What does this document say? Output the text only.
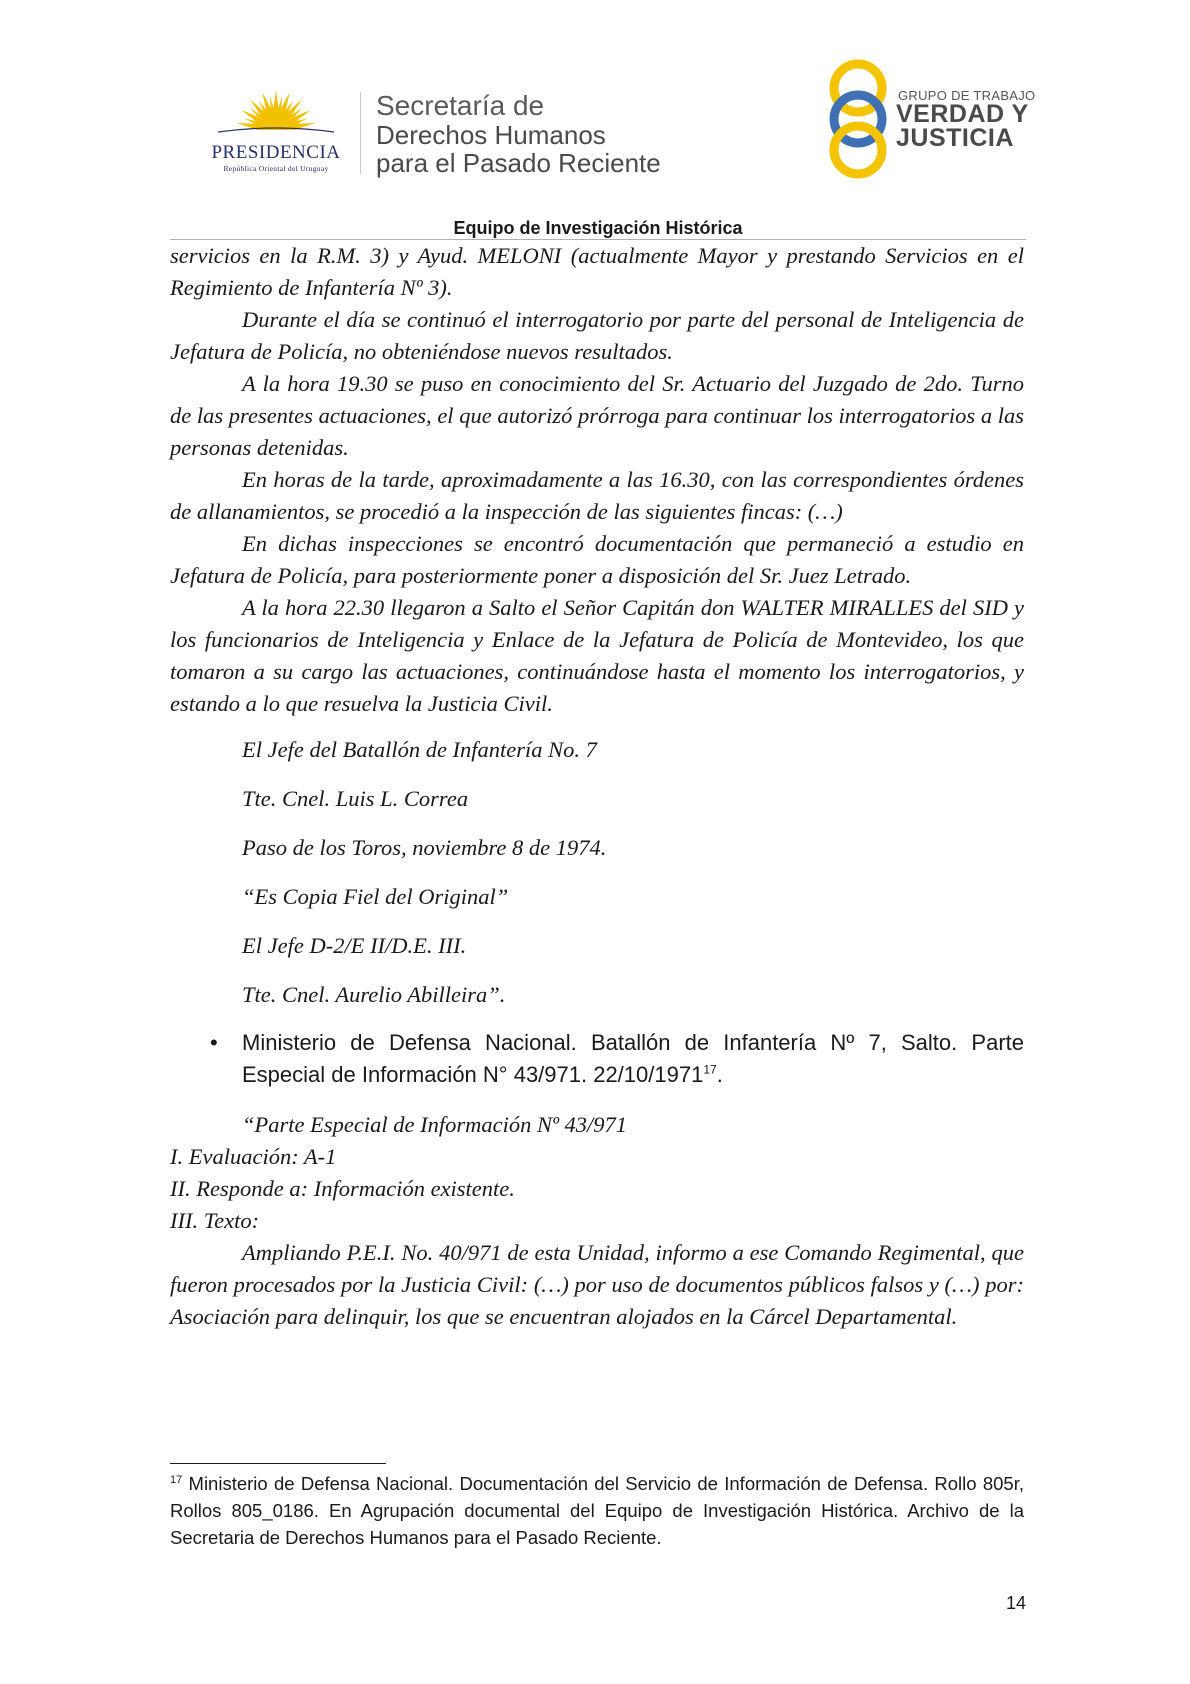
PRESIDENCIA
República Oriental del Uruguay
Secretaría de
Derechos Humanos
para el Pasado Reciente
GRUPO DE TRABAJO
VERDAD Y
JUSTICIA
Equipo de Investigación Histórica

servicios en la R.M. 3) y Ayud. MELONI (actualmente Mayor y prestando Servicios en el Regimiento de Infantería Nº 3).

Durante el día se continuó el interrogatorio por parte del personal de Inteligencia de Jefatura de Policía, no obteniéndose nuevos resultados.

A la hora 19.30 se puso en conocimiento del Sr. Actuario del Juzgado de 2do. Turno de las presentes actuaciones, el que autorizó prórroga para continuar los interrogatorios a las personas detenidas.

En horas de la tarde, aproximadamente a las 16.30, con las correspondientes órdenes de allanamientos, se procedió a la inspección de las siguientes fincas: (…)

En dichas inspecciones se encontró documentación que permaneció a estudio en Jefatura de Policía, para posteriormente poner a disposición del Sr. Juez Letrado.

A la hora 22.30 llegaron a Salto el Señor Capitán don WALTER MIRALLES del SID y los funcionarios de Inteligencia y Enlace de la Jefatura de Policía de Montevideo, los que tomaron a su cargo las actuaciones, continuándose hasta el momento los interrogatorios, y estando a lo que resuelva la Justicia Civil.

El Jefe del Batallón de Infantería No. 7

Tte. Cnel. Luis L. Correa

Paso de los Toros, noviembre 8 de 1974.

“Es Copia Fiel del Original”

El Jefe D-2/E II/D.E. III.

Tte. Cnel. Aurelio Abilleira”.

• Ministerio de Defensa Nacional. Batallón de Infantería Nº 7, Salto. Parte Especial de Información N° 43/971. 22/10/1971$^{17}$.

“Parte Especial de Información Nº 43/971

I. Evaluación: A-1

II. Responde a: Información existente.

III. Texto:

Ampliando P.E.I. No. 40/971 de esta Unidad, informo a ese Comando Regimental, que fueron procesados por la Justicia Civil: (…) por uso de documentos públicos falsos y (…) por: Asociación para delinquir, los que se encuentran alojados en la Cárcel Departamental.

$^{17}$ Ministerio de Defensa Nacional. Documentación del Servicio de Información de Defensa. Rollo 805r, Rollos 805_0186. En Agrupación documental del Equipo de Investigación Histórica. Archivo de la Secretaria de Derechos Humanos para el Pasado Reciente.
14
